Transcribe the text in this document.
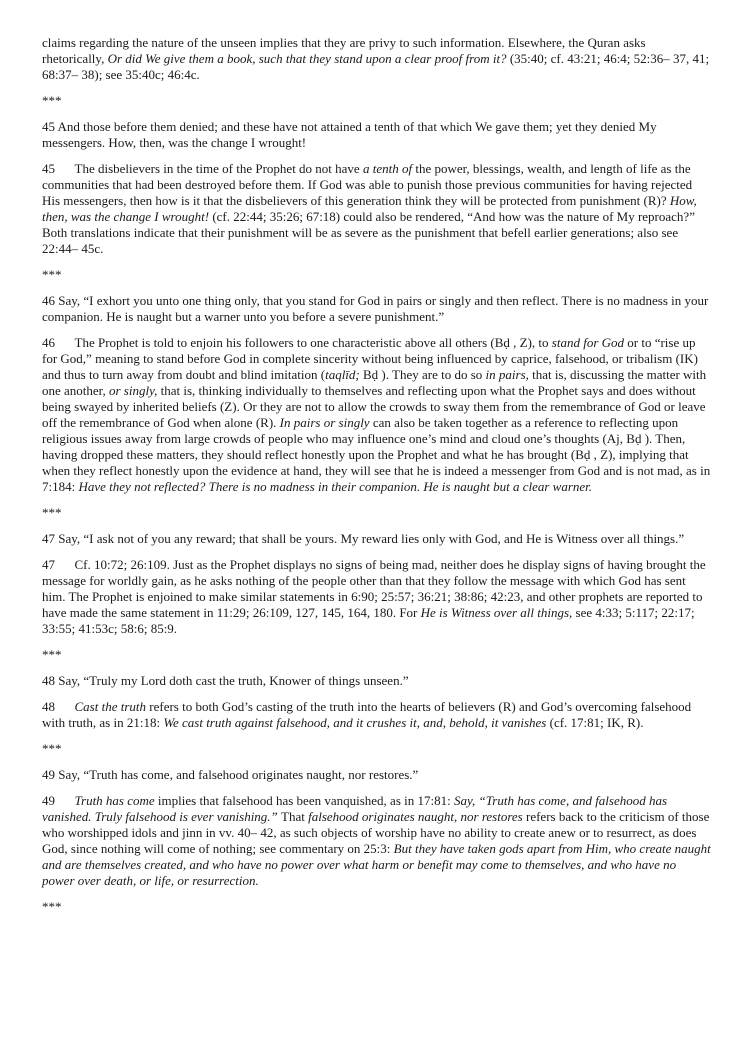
claims regarding the nature of the unseen implies that they are privy to such information. Elsewhere, the Quran asks rhetorically, Or did We give them a book, such that they stand upon a clear proof from it? (35:40; cf. 43:21; 46:4; 52:36– 37, 41; 68:37– 38); see 35:40c; 46:4c.

***

45 And those before them denied; and these have not attained a tenth of that which We gave them; yet they denied My messengers. How, then, was the change I wrought!

45  The disbelievers in the time of the Prophet do not have a tenth of the power, blessings, wealth, and length of life as the communities that had been destroyed before them. If God was able to punish those previous communities for having rejected His messengers, then how is it that the disbelievers of this generation think they will be protected from punishment (R)? How, then, was the change I wrought! (cf. 22:44; 35:26; 67:18) could also be rendered, “And how was the nature of My reproach?” Both translations indicate that their punishment will be as severe as the punishment that befell earlier generations; also see 22:44– 45c.

***

46 Say, “I exhort you unto one thing only, that you stand for God in pairs or singly and then reflect. There is no madness in your companion. He is naught but a warner unto you before a severe punishment.”

46  The Prophet is told to enjoin his followers to one characteristic above all others (Bḍ , Z), to stand for God or to “rise up for God,” meaning to stand before God in complete sincerity without being influenced by caprice, falsehood, or tribalism (IK) and thus to turn away from doubt and blind imitation (taqlīd; Bḍ ). They are to do so in pairs, that is, discussing the matter with one another, or singly, that is, thinking individually to themselves and reflecting upon what the Prophet says and does without being swayed by inherited beliefs (Z). Or they are not to allow the crowds to sway them from the remembrance of God or leave off the remembrance of God when alone (R). In pairs or singly can also be taken together as a reference to reflecting upon religious issues away from large crowds of people who may influence one’s mind and cloud one’s thoughts (Aj, Bḍ ). Then, having dropped these matters, they should reflect honestly upon the Prophet and what he has brought (Bḍ , Z), implying that when they reflect honestly upon the evidence at hand, they will see that he is indeed a messenger from God and is not mad, as in 7:184: Have they not reflected? There is no madness in their companion. He is naught but a clear warner.

***

47 Say, “I ask not of you any reward; that shall be yours. My reward lies only with God, and He is Witness over all things.”

47  Cf. 10:72; 26:109. Just as the Prophet displays no signs of being mad, neither does he display signs of having brought the message for worldly gain, as he asks nothing of the people other than that they follow the message with which God has sent him. The Prophet is enjoined to make similar statements in 6:90; 25:57; 36:21; 38:86; 42:23, and other prophets are reported to have made the same statement in 11:29; 26:109, 127, 145, 164, 180. For He is Witness over all things, see 4:33; 5:117; 22:17; 33:55; 41:53c; 58:6; 85:9.

***

48 Say, “Truly my Lord doth cast the truth, Knower of things unseen.”

48  Cast the truth refers to both God’s casting of the truth into the hearts of believers (R) and God’s overcoming falsehood with truth, as in 21:18: We cast truth against falsehood, and it crushes it, and, behold, it vanishes (cf. 17:81; IK, R).

***

49 Say, “Truth has come, and falsehood originates naught, nor restores.”

49  Truth has come implies that falsehood has been vanquished, as in 17:81: Say, “Truth has come, and falsehood has vanished. Truly falsehood is ever vanishing.” That falsehood originates naught, nor restores refers back to the criticism of those who worshipped idols and jinn in vv. 40– 42, as such objects of worship have no ability to create anew or to resurrect, as does God, since nothing will come of nothing; see commentary on 25:3: But they have taken gods apart from Him, who create naught and are themselves created, and who have no power over what harm or benefit may come to themselves, and who have no power over death, or life, or resurrection.

***
